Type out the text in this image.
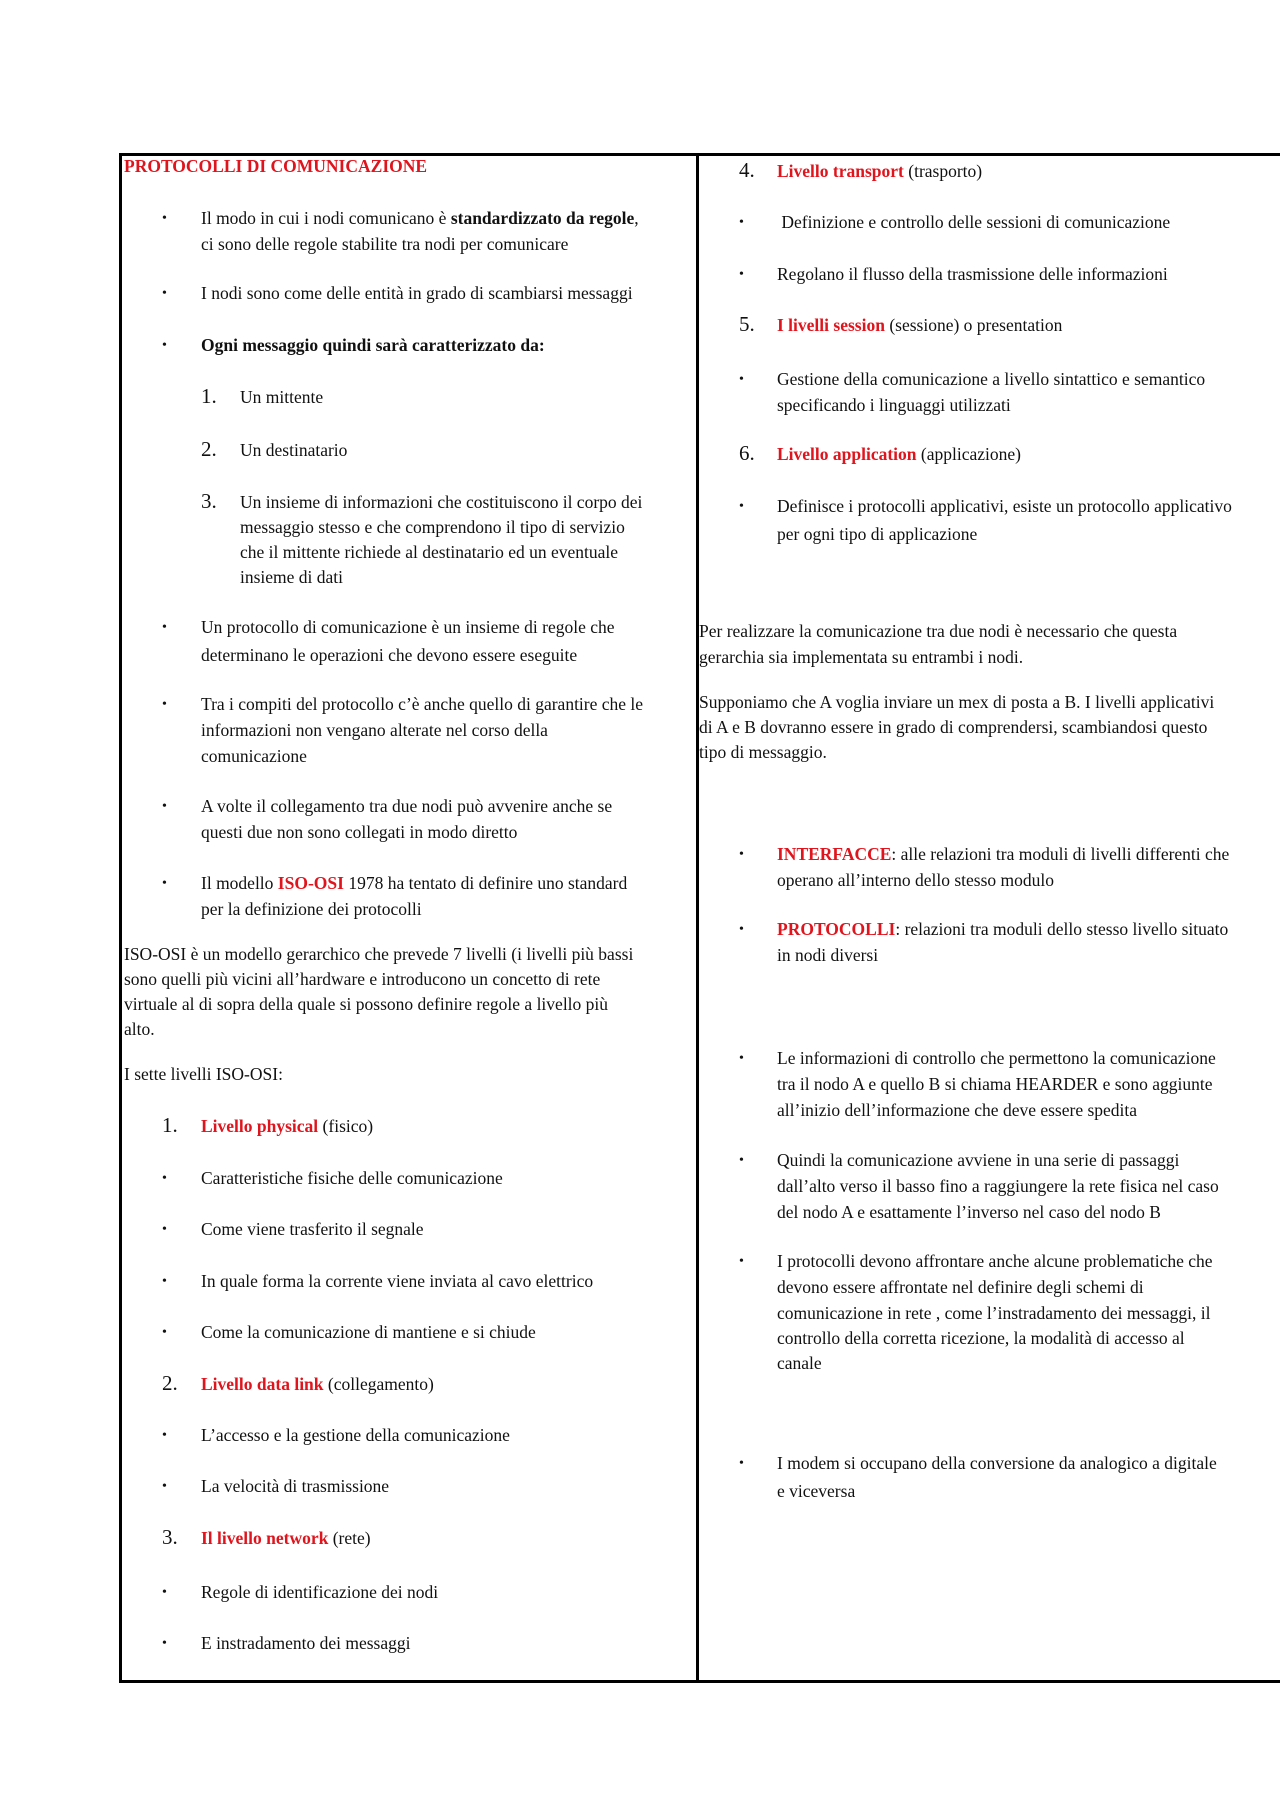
PROTOCOLLI DI COMUNICAZIONE
• Il modo in cui i nodi comunicano è standardizzato da regole,
ci sono delle regole stabilite tra nodi per comunicare
• I nodi sono come delle entità in grado di scambiarsi messaggi
• Ogni messaggio quindi sarà caratterizzato da:
1. Un mittente
2. Un destinatario
3. Un insieme di informazioni che costituiscono il corpo dei
messaggio stesso e che comprendono il tipo di servizio
che il mittente richiede al destinatario ed un eventuale
insieme di dati
• Un protocollo di comunicazione è un insieme di regole che
determinano le operazioni che devono essere eseguite
• Tra i compiti del protocollo c’è anche quello di garantire che le
informazioni non vengano alterate nel corso della
comunicazione
• A volte il collegamento tra due nodi può avvenire anche se
questi due non sono collegati in modo diretto
• Il modello ISO-OSI 1978 ha tentato di definire uno standard
per la definizione dei protocolli
ISO-OSI è un modello gerarchico che prevede 7 livelli (i livelli più bassi
sono quelli più vicini all’hardware e introducono un concetto di rete
virtuale al di sopra della quale si possono definire regole a livello più
alto.
I sette livelli ISO-OSI:
1. Livello physical (fisico)
• Caratteristiche fisiche delle comunicazione
• Come viene trasferito il segnale
• In quale forma la corrente viene inviata al cavo elettrico
• Come la comunicazione di mantiene e si chiude
2. Livello data link (collegamento)
• L’accesso e la gestione della comunicazione
• La velocità di trasmissione
3. Il livello network (rete)
• Regole di identificazione dei nodi
• E instradamento dei messaggi
4. Livello transport (trasporto)
• Definizione e controllo delle sessioni di comunicazione
• Regolano il flusso della trasmissione delle informazioni
5. I livelli session (sessione) o presentation
• Gestione della comunicazione a livello sintattico e semantico
specificando i linguaggi utilizzati
6. Livello application (applicazione)
• Definisce i protocolli applicativi, esiste un protocollo applicativo
per ogni tipo di applicazione
Per realizzare la comunicazione tra due nodi è necessario che questa
gerarchia sia implementata su entrambi i nodi.
Supponiamo che A voglia inviare un mex di posta a B. I livelli applicativi
di A e B dovranno essere in grado di comprendersi, scambiandosi questo
tipo di messaggio.
• INTERFACCE: alle relazioni tra moduli di livelli differenti che
operano all’interno dello stesso modulo
• PROTOCOLLI: relazioni tra moduli dello stesso livello situato
in nodi diversi
• Le informazioni di controllo che permettono la comunicazione
tra il nodo A e quello B si chiama HEARDER e sono aggiunte
all’inizio dell’informazione che deve essere spedita
• Quindi la comunicazione avviene in una serie di passaggi
dall’alto verso il basso fino a raggiungere la rete fisica nel caso
del nodo A e esattamente l’inverso nel caso del nodo B
• I protocolli devono affrontare anche alcune problematiche che
devono essere affrontate nel definire degli schemi di
comunicazione in rete , come l’instradamento dei messaggi, il
controllo della corretta ricezione, la modalità di accesso al
canale
• I modem si occupano della conversione da analogico a digitale
e viceversa
